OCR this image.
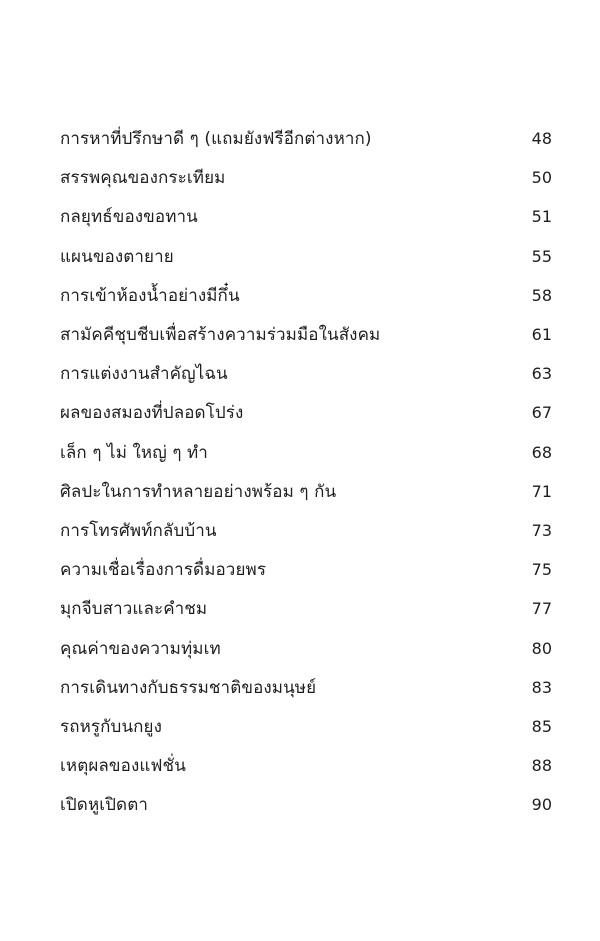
การหาที่ปรึกษาดี ๆ (แถมยังฟรีอีกต่างหาก)	48
สรรพคุณของกระเทียม	50
กลยุทธ์ของขอทาน	51
แผนของตายาย	55
การเข้าห้องน้ำอย่างมีกึ๋น	58
สามัคคีชุบชีบเพื่อสร้างความร่วมมือในสังคม	61
การแต่งงานสำคัญไฉน	63
ผลของสมองที่ปลอดโปร่ง	67
เล็ก ๆ ไม่ ใหญ่ ๆ ทำ	68
ศิลปะในการทำหลายอย่างพร้อม ๆ กัน	71
การโทรศัพท์กลับบ้าน	73
ความเชื่อเรื่องการดื่มอวยพร	75
มุกจีบสาวและคำชม	77
คุณค่าของความทุ่มเท	80
การเดินทางกับธรรมชาติของมนุษย์	83
รถหรูกับนกยูง	85
เหตุผลของแฟชั่น	88
เปิดหูเปิดตา	90
